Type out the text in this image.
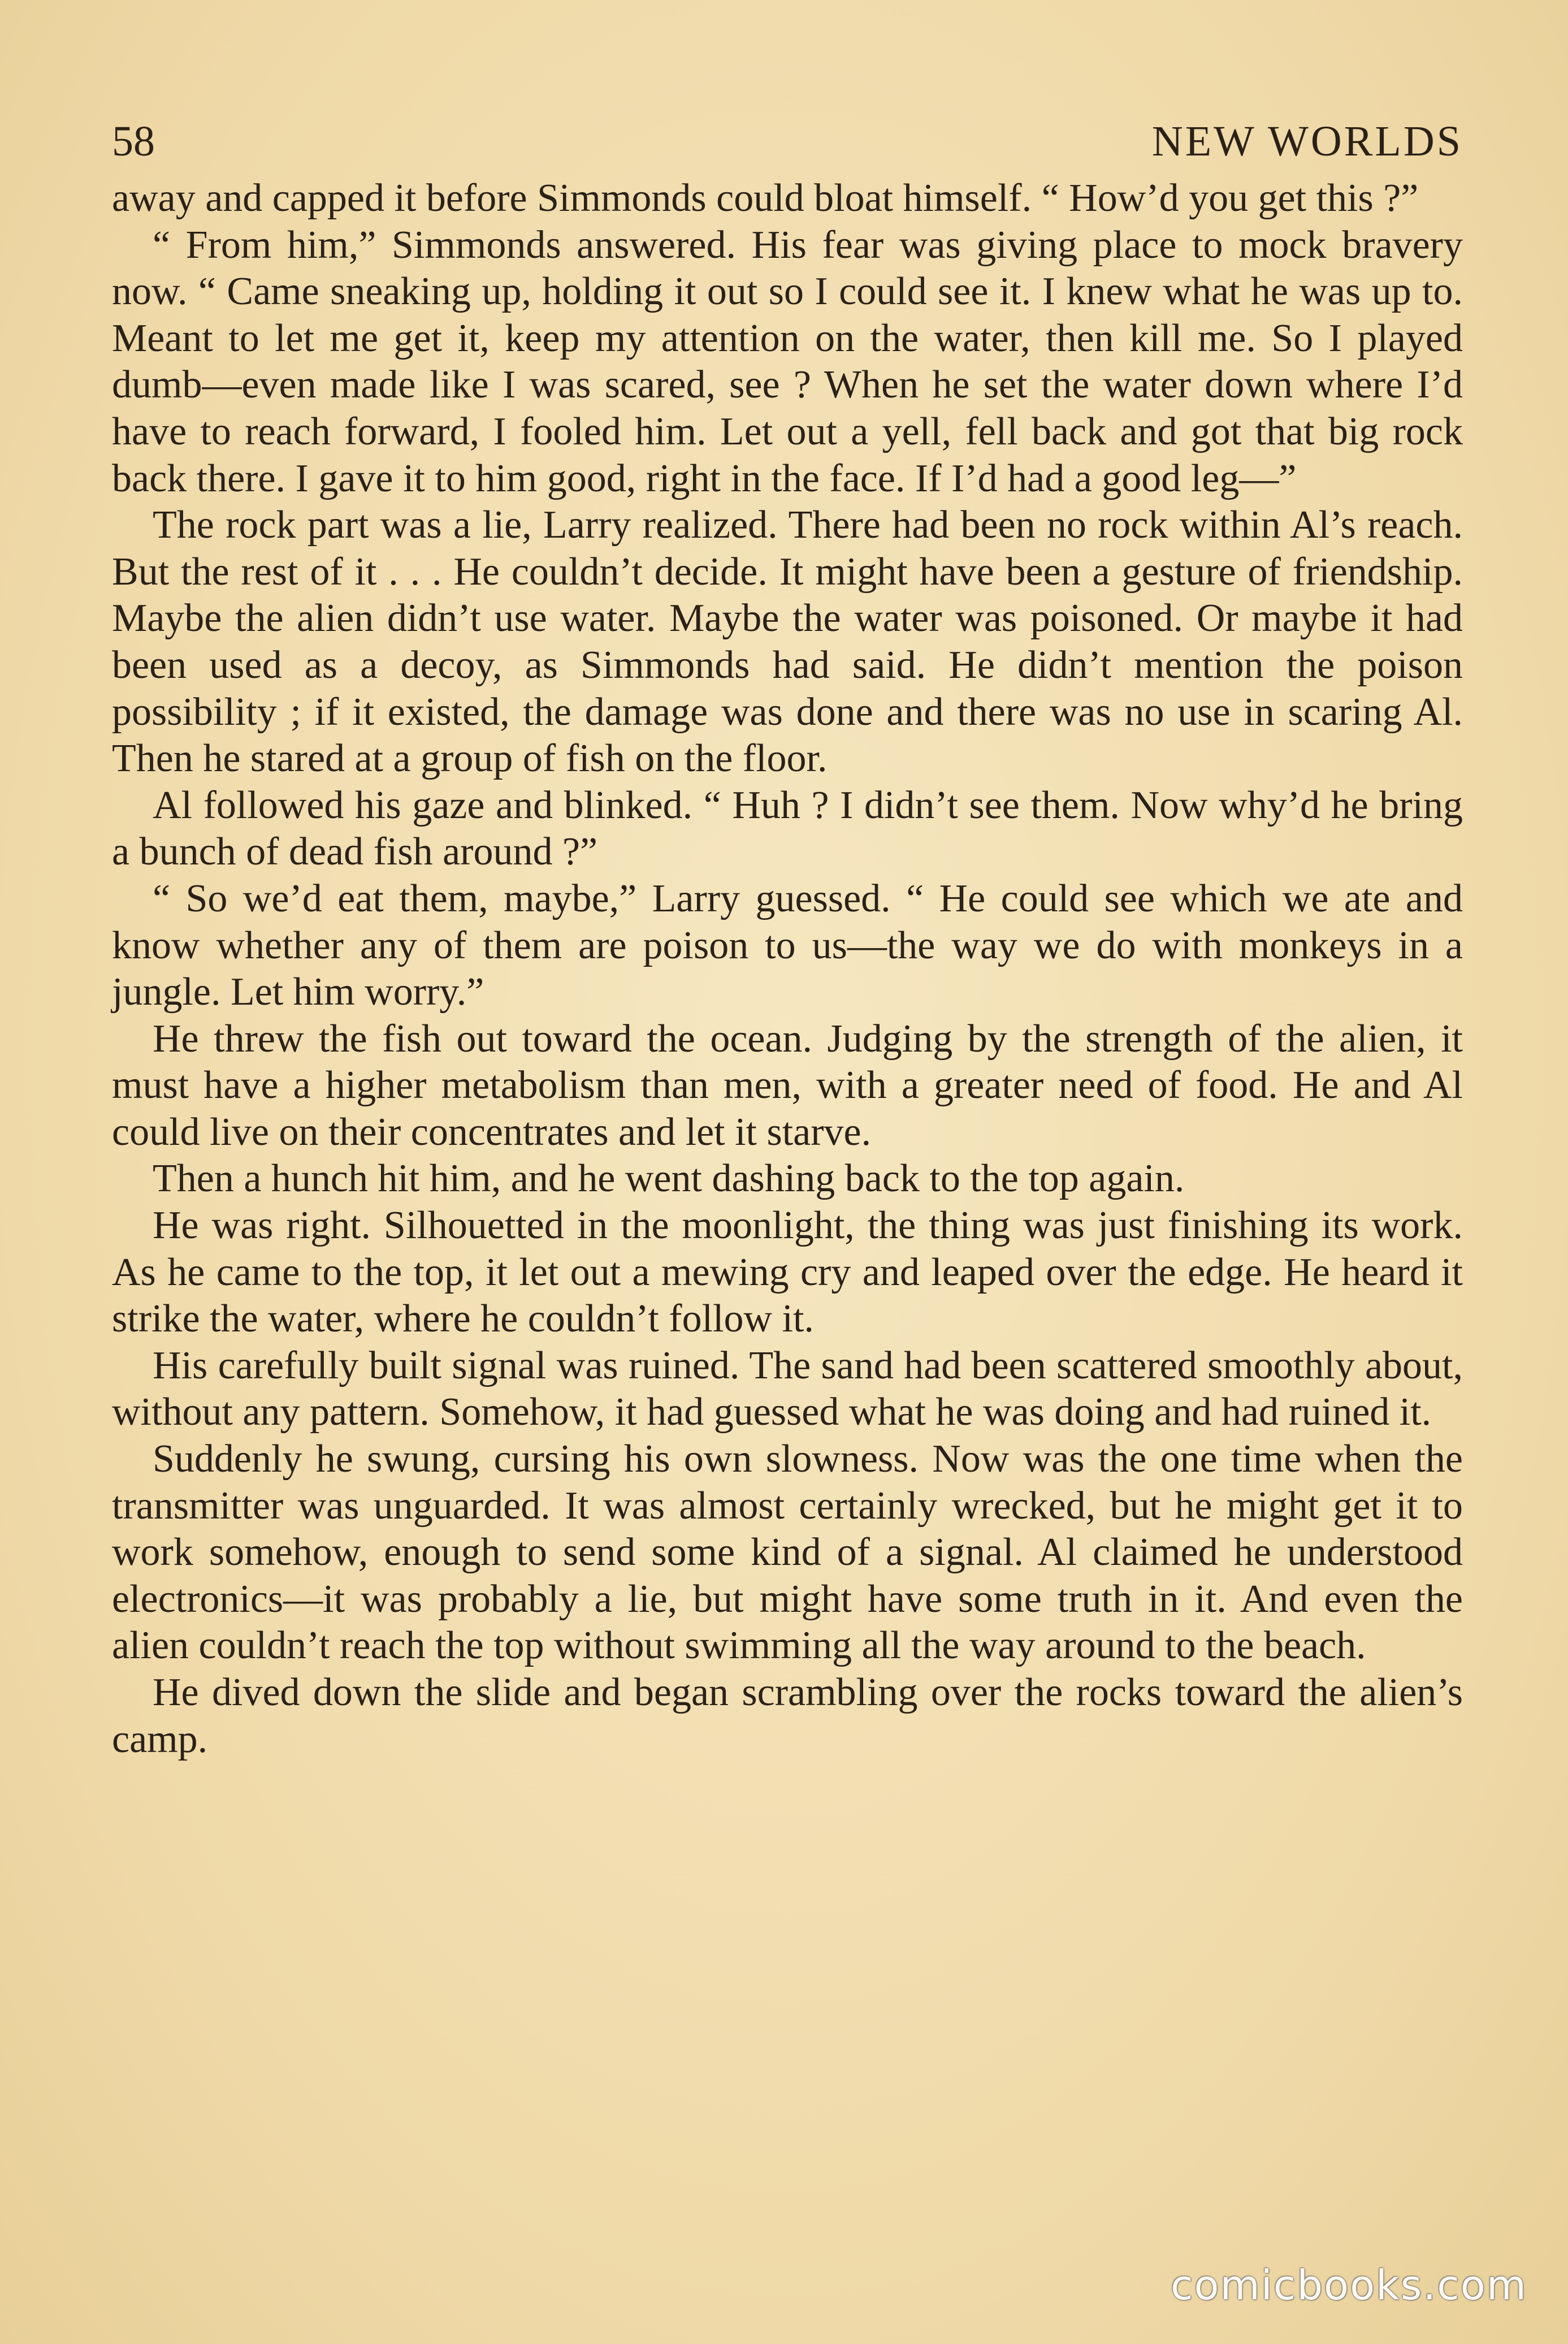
58	NEW WORLDS

away and capped it before Simmonds could bloat himself. “ How’d you get this ?”

“ From him,” Simmonds answered. His fear was giving place to mock bravery now. “ Came sneaking up, holding it out so I could see it. I knew what he was up to. Meant to let me get it, keep my attention on the water, then kill me. So I played dumb—even made like I was scared, see ? When he set the water down where I’d have to reach forward, I fooled him. Let out a yell, fell back and got that big rock back there. I gave it to him good, right in the face. If I’d had a good leg—”

The rock part was a lie, Larry realized. There had been no rock within Al’s reach. But the rest of it . . . He couldn’t decide. It might have been a gesture of friendship. Maybe the alien didn’t use water. Maybe the water was poisoned. Or maybe it had been used as a decoy, as Simmonds had said. He didn’t mention the poison possibility ; if it existed, the damage was done and there was no use in scaring Al. Then he stared at a group of fish on the floor.

Al followed his gaze and blinked. “ Huh ? I didn’t see them. Now why’d he bring a bunch of dead fish around ?”

“ So we’d eat them, maybe,” Larry guessed. “ He could see which we ate and know whether any of them are poison to us—the way we do with monkeys in a jungle. Let him worry.”

He threw the fish out toward the ocean. Judging by the strength of the alien, it must have a higher metabolism than men, with a greater need of food. He and Al could live on their concentrates and let it starve.

Then a hunch hit him, and he went dashing back to the top again.

He was right. Silhouetted in the moonlight, the thing was just finishing its work. As he came to the top, it let out a mewing cry and leaped over the edge. He heard it strike the water, where he couldn’t follow it.

His carefully built signal was ruined. The sand had been scattered smoothly about, without any pattern. Somehow, it had guessed what he was doing and had ruined it.

Suddenly he swung, cursing his own slowness. Now was the one time when the transmitter was unguarded. It was almost certainly wrecked, but he might get it to work somehow, enough to send some kind of a signal. Al claimed he understood electronics—it was probably a lie, but might have some truth in it. And even the alien couldn’t reach the top without swimming all the way around to the beach.

He dived down the slide and began scrambling over the rocks toward the alien’s camp.

comicbooks.com
